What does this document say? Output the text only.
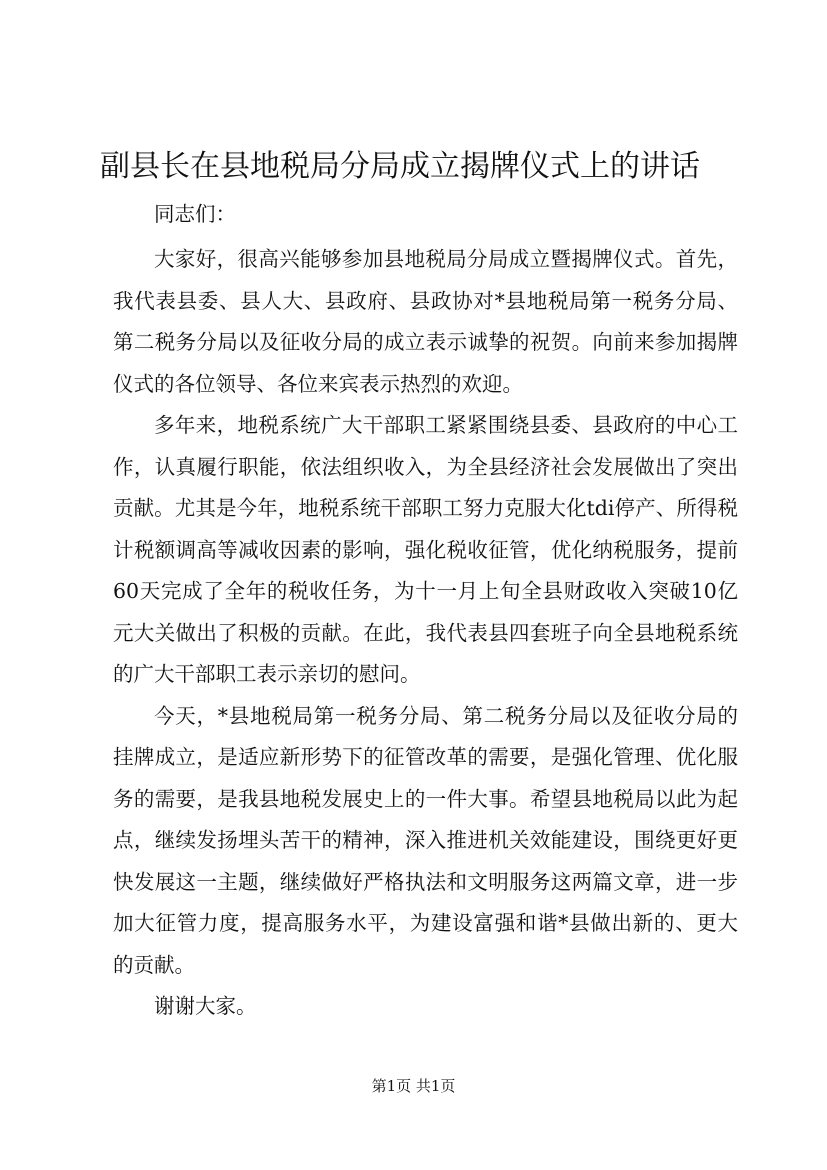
副县长在县地税局分局成立揭牌仪式上的讲话

同志们：

大家好，很高兴能够参加县地税局分局成立暨揭牌仪式。首先，我代表县委、县人大、县政府、县政协对*县地税局第一税务分局、第二税务分局以及征收分局的成立表示诚挚的祝贺。向前来参加揭牌仪式的各位领导、各位来宾表示热烈的欢迎。

多年来，地税系统广大干部职工紧紧围绕县委、县政府的中心工作，认真履行职能，依法组织收入，为全县经济社会发展做出了突出贡献。尤其是今年，地税系统干部职工努力克服大化tdi停产、所得税计税额调高等减收因素的影响，强化税收征管，优化纳税服务，提前60天完成了全年的税收任务，为十一月上旬全县财政收入突破10亿元大关做出了积极的贡献。在此，我代表县四套班子向全县地税系统的广大干部职工表示亲切的慰问。

今天，*县地税局第一税务分局、第二税务分局以及征收分局的挂牌成立，是适应新形势下的征管改革的需要，是强化管理、优化服务的需要，是我县地税发展史上的一件大事。希望县地税局以此为起点，继续发扬埋头苦干的精神，深入推进机关效能建设，围绕更好更快发展这一主题，继续做好严格执法和文明服务这两篇文章，进一步加大征管力度，提高服务水平，为建设富强和谐*县做出新的、更大的贡献。

谢谢大家。

第1页 共1页
